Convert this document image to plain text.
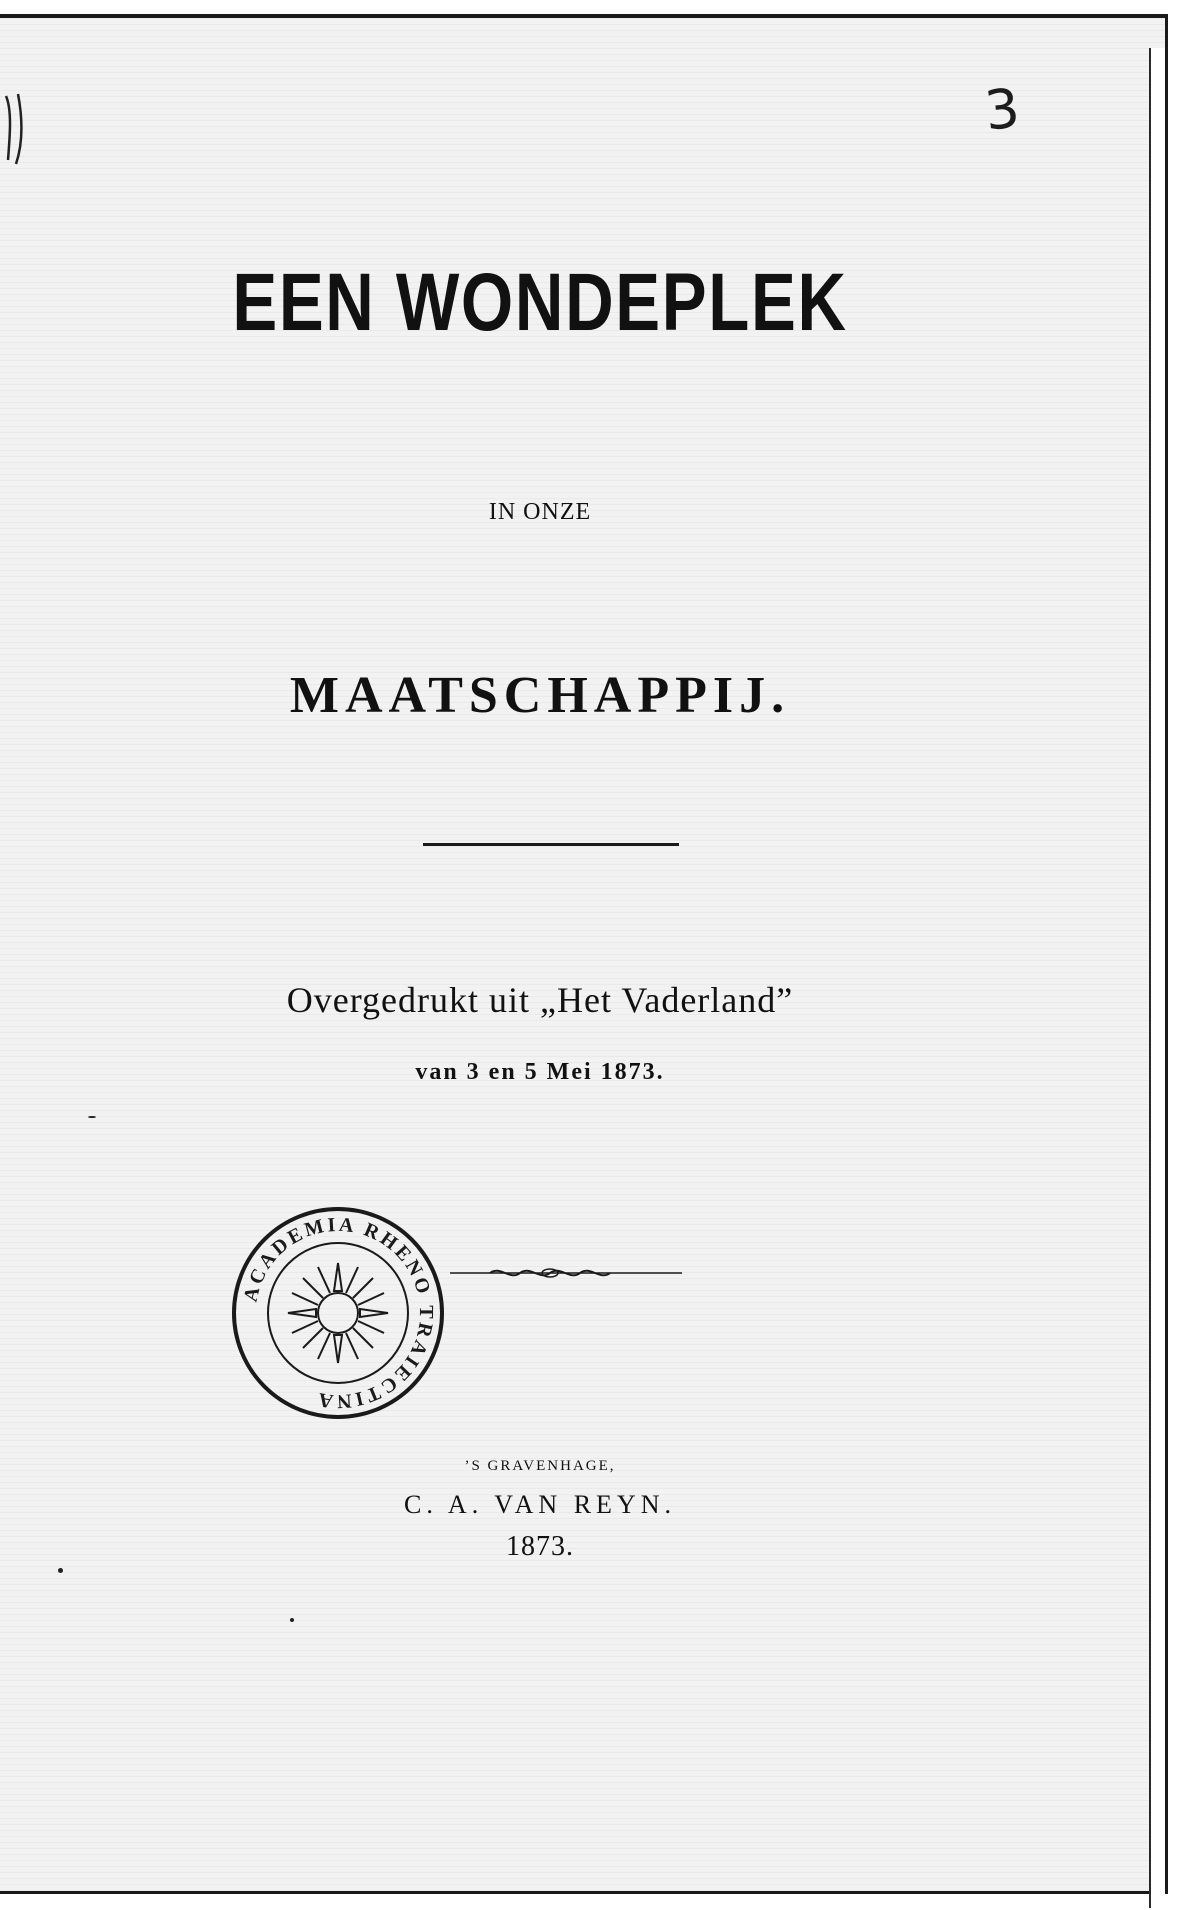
3
EEN WONDEPLEK
IN ONZE
MAATSCHAPPIJ.
Overgedrukt uit „Het Vaderland”
van 3 en 5 Mei 1873.
ACADEMIA RHENO TRAIECTINA
’S GRAVENHAGE,
C. A. VAN REYN.
1873.
